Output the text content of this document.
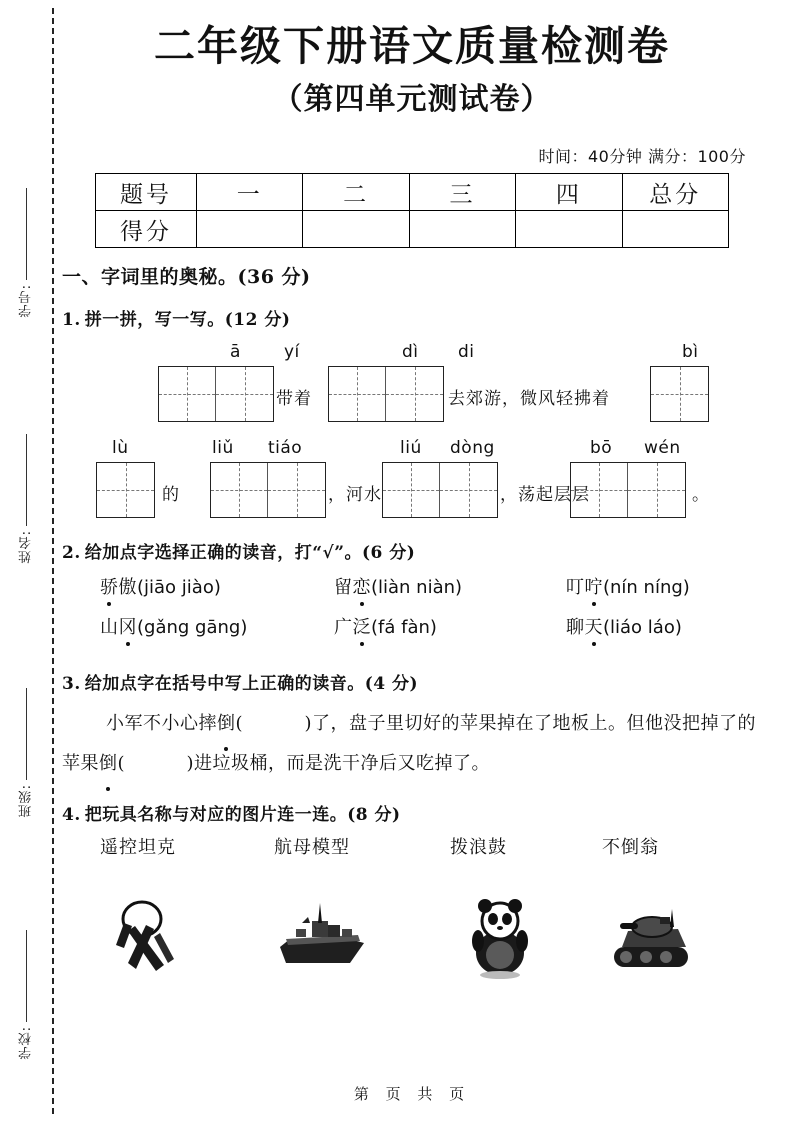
学号:
姓名:
班级:
学校:
二年级下册语文质量检测卷
（第四单元测试卷）
时间：40分钟 满分：100分
题号	一	二	三	四	总分
得分					
一、字词里的奥秘。(36 分)
1. 拼一拼，写一写。(12 分)
ā	yí	dì di	bì
带着	去郊游，微风轻拂着
lù	liǔ tiáo	liú dòng	bō wén
的	，河水	，荡起层层	。
2. 给加点字选择正确的读音，打“√”。(6 分)
骄傲(jiāo jiào)	留恋(liàn niàn)	叮咛(nín níng)
山冈(gǎng gāng)	广泛(fá fàn)	聊天(liáo láo)
3. 给加点字在括号中写上正确的读音。(4 分)
小军不小心摔倒(	)了，盘子里切好的苹果掉在了地板上。但他没把掉了的苹果倒(	)进垃圾桶，而是洗干净后又吃掉了。
4. 把玩具名称与对应的图片连一连。(8 分)
遥控坦克	航母模型	拨浪鼓	不倒翁
第 页 共 页
